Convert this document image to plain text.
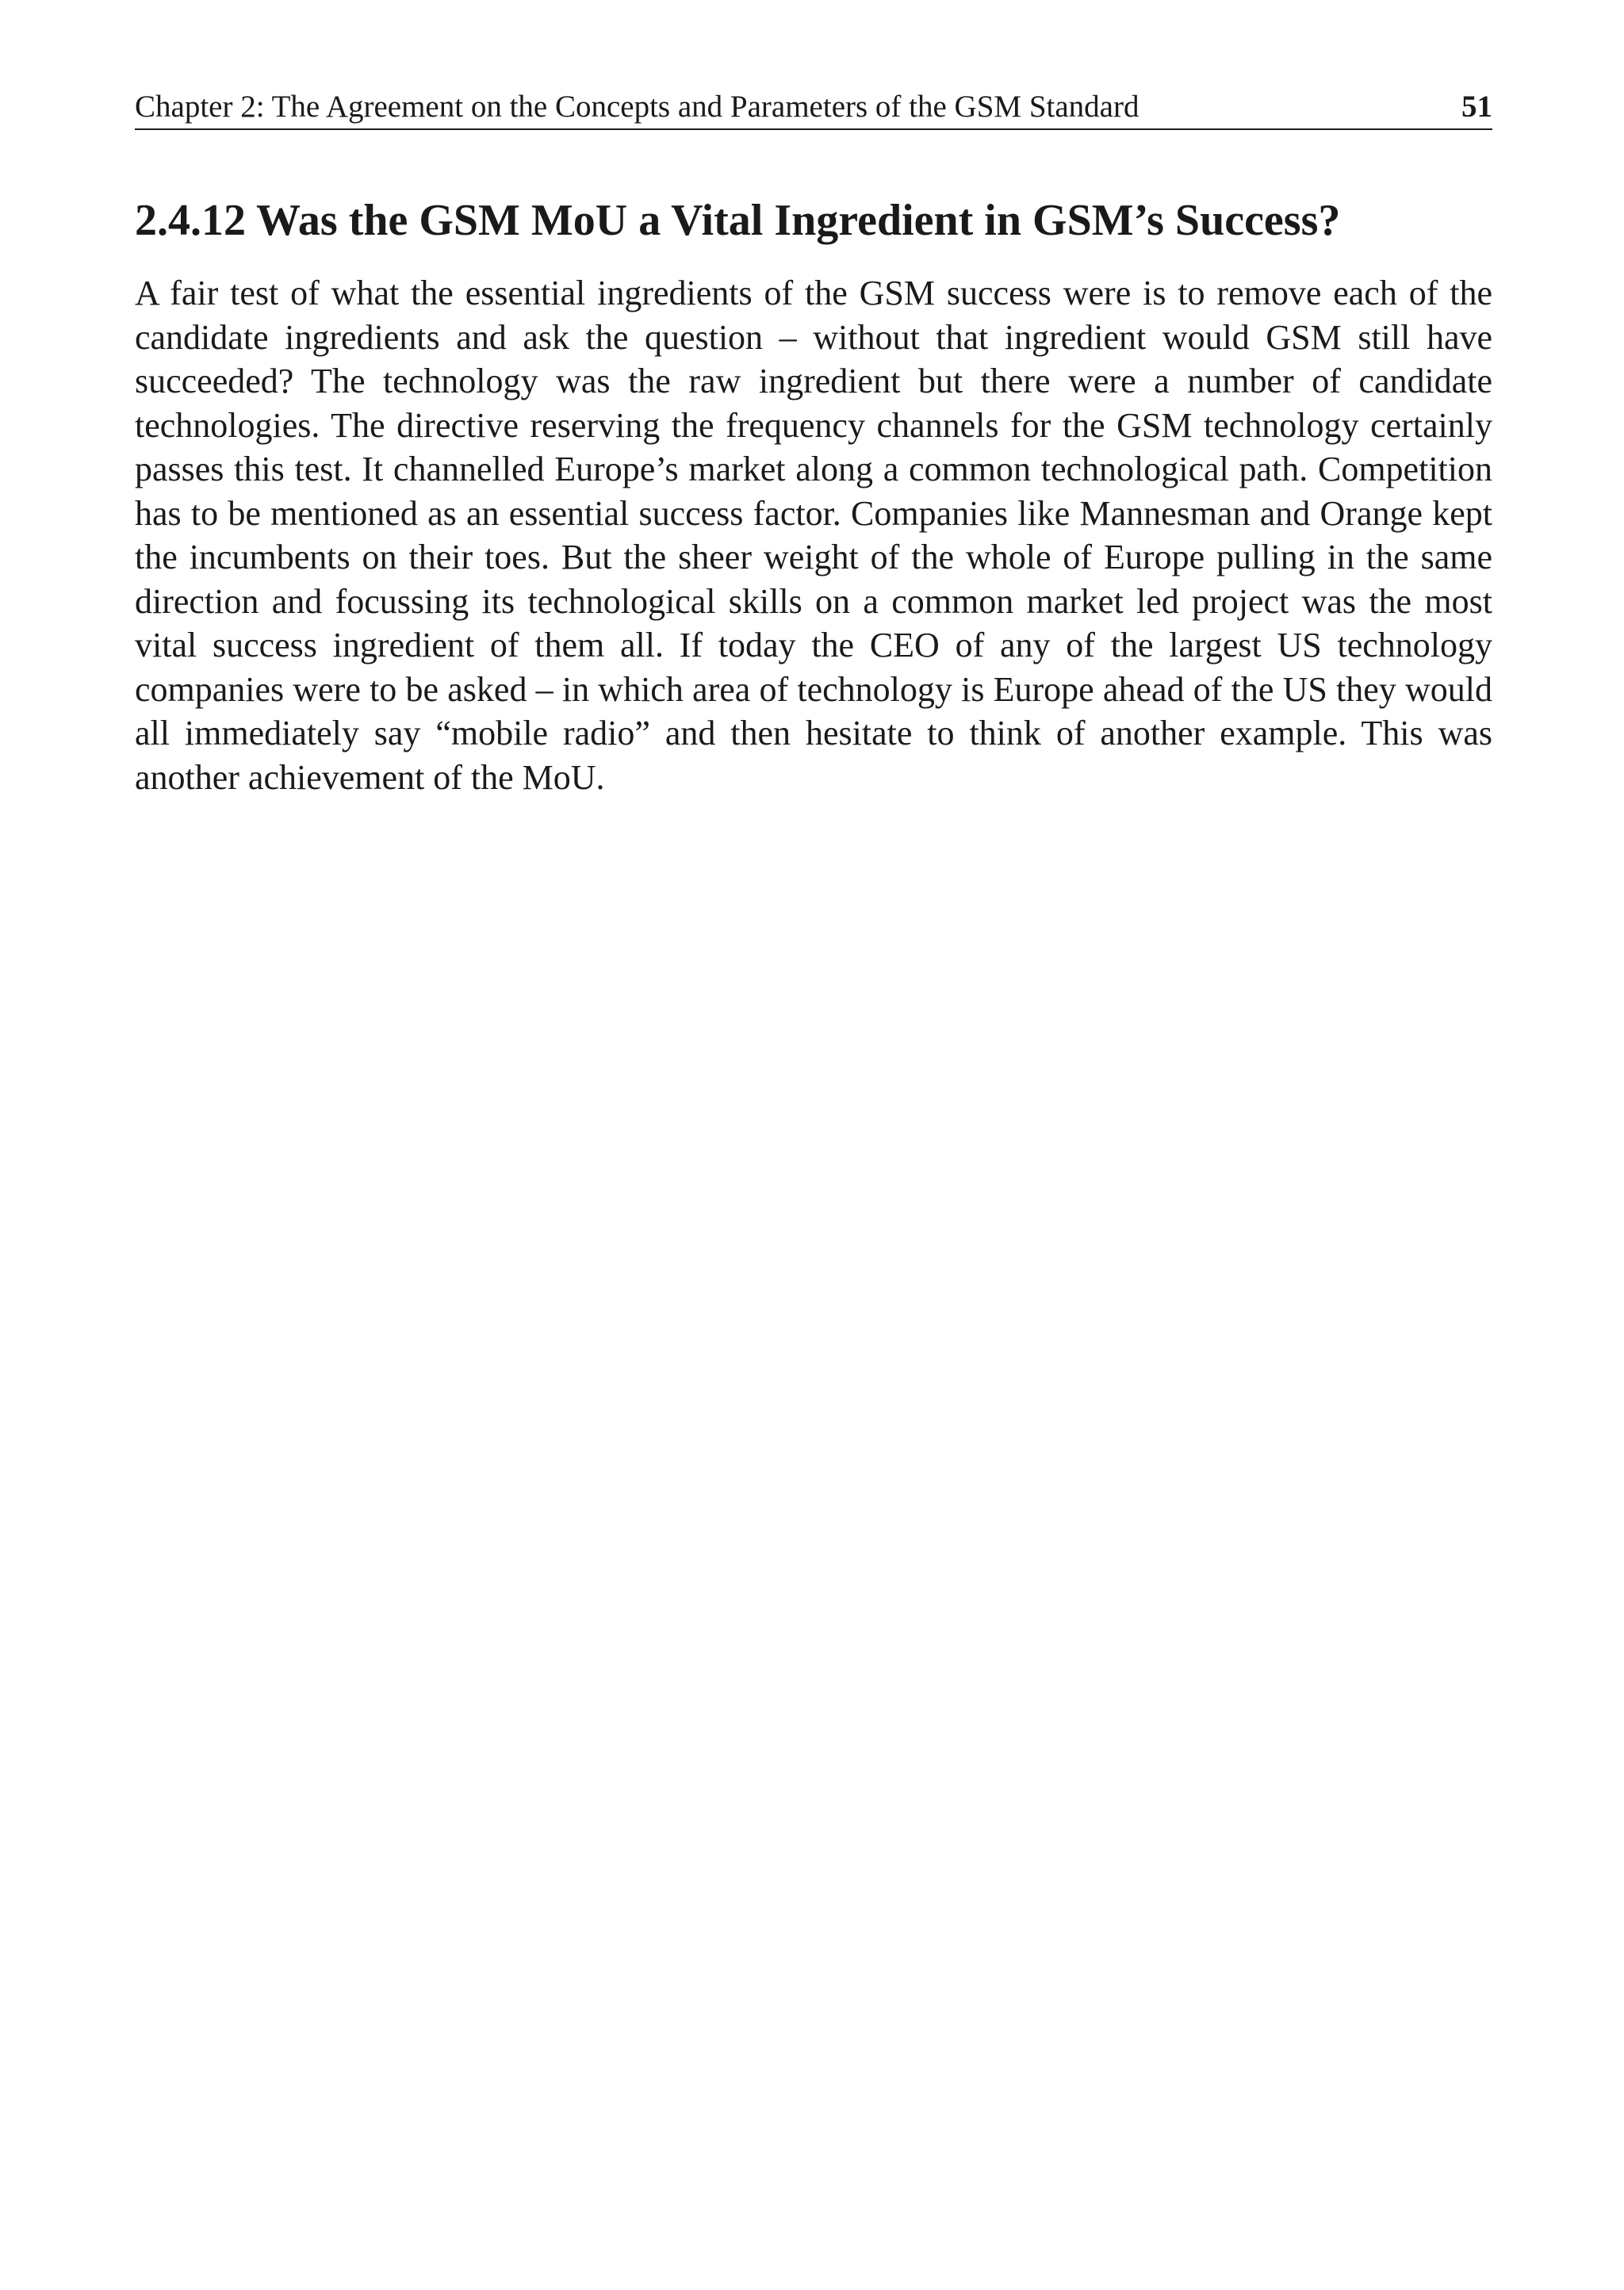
Chapter 2: The Agreement on the Concepts and Parameters of the GSM Standard	51
2.4.12 Was the GSM MoU a Vital Ingredient in GSM’s Success?

A fair test of what the essential ingredients of the GSM success were is to remove each of the candidate ingredients and ask the question – without that ingredient would GSM still have succeeded? The technology was the raw ingredient but there were a number of candidate technologies. The directive reserving the frequency channels for the GSM technology certainly passes this test. It channelled Europe’s market along a common technological path. Competition has to be mentioned as an essential success factor. Companies like Mannesman and Orange kept the incumbents on their toes. But the sheer weight of the whole of Europe pulling in the same direction and focussing its technological skills on a common market led project was the most vital success ingredient of them all. If today the CEO of any of the largest US technology companies were to be asked – in which area of technology is Europe ahead of the US they would all immediately say “mobile radio” and then hesitate to think of another example. This was another achievement of the MoU.
